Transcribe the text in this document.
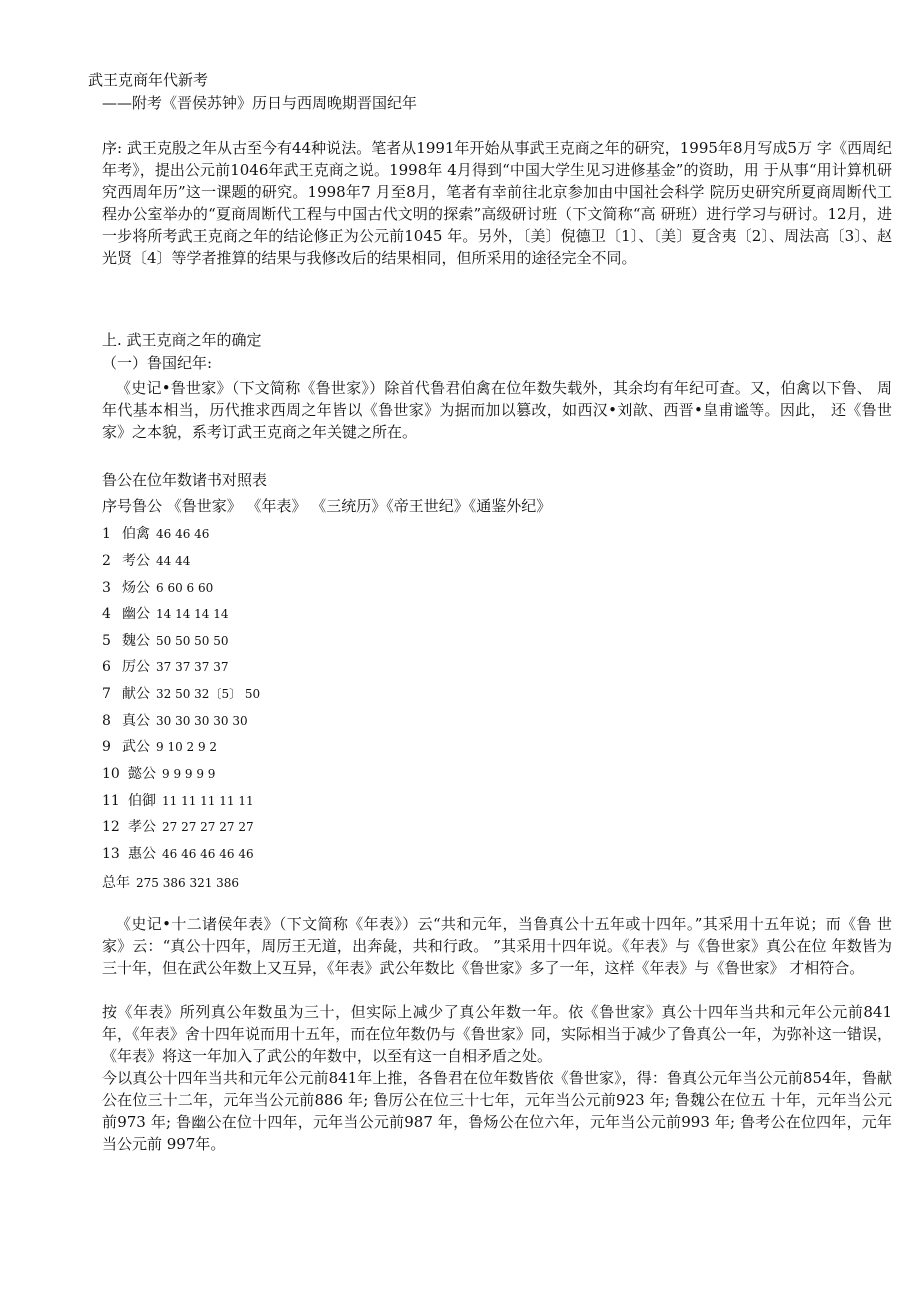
武王克商年代新考
——附考《晋侯苏钟》历日与西周晚期晋国纪年
序: 武王克殷之年从古至今有44种说法。笔者从1991年开始从事武王克商之年的研究，1995年8月写成5万 字《西周纪年考》，提出公元前1046年武王克商之说。1998年 4月得到“中国大学生见习进修基金”的资助，用 于从事“用计算机研究西周年历”这一课题的研究。1998年7 月至8月，笔者有幸前往北京参加由中国社会科学 院历史研究所夏商周断代工程办公室举办的“夏商周断代工程与中国古代文明的探索”高级研讨班（下文简称“高 研班）进行学习与研讨。12月，进一步将所考武王克商之年的结论修正为公元前1045 年。另外，〔美〕倪德卫〔1〕、〔美〕夏含夷〔2〕、周法高〔3〕、赵光贤〔4〕等学者推算的结果与我修改后的结果相同，但所采用的途径完全不同。
上. 武王克商之年的确定
（一）鲁国纪年:
《史记•鲁世家》（下文简称《鲁世家》）除首代鲁君伯禽在位年数失载外，其余均有年纪可查。又，伯禽以下鲁、 周年代基本相当，历代推求西周之年皆以《鲁世家》为据而加以篡改，如西汉•刘歆、西晋•皇甫谧等。因此， 还《鲁世家》之本貌，系考订武王克商之年关键之所在。
鲁公在位年数诸书对照表
序号鲁公 《鲁世家》 《年表》 《三统历》《帝王世纪》《通鉴外纪》
1 伯禽 46 46 46
2 考公 44 44
3 炀公 6 60 6 60
4 幽公 14 14 14 14
5 魏公 50 50 50 50
6 厉公 37 37 37 37
7 献公 32 50 32〔5〕 50
8 真公 30 30 30 30 30
9 武公 9 10 2 9 2
10 懿公 9 9 9 9 9
11 伯御 11 11 11 11 11
12 孝公 27 27 27 27 27
13 惠公 46 46 46 46 46
总年 275 386 321 386
《史记•十二诸侯年表》（下文简称《年表》）云“共和元年，当鲁真公十五年或十四年。”其采用十五年说；而《鲁 世家》云：“真公十四年，周厉王无道，出奔彘，共和行政。 ”其采用十四年说。《年表》与《鲁世家》真公在位 年数皆为三十年，但在武公年数上又互异，《年表》武公年数比《鲁世家》多了一年，这样《年表》与《鲁世家》 才相符合。
按《年表》所列真公年数虽为三十，但实际上减少了真公年数一年。依《鲁世家》真公十四年当共和元年公元前841年，《年表》舍十四年说而用十五年，而在位年数仍与《鲁世家》同，实际相当于减少了鲁真公一年，为弥补这一错误，《年表》将这一年加入了武公的年数中，以至有这一自相矛盾之处。
今以真公十四年当共和元年公元前841年上推，各鲁君在位年数皆依《鲁世家》，得：鲁真公元年当公元前854年，鲁献公在位三十二年，元年当公元前886 年; 鲁厉公在位三十七年，元年当公元前923 年; 鲁魏公在位五 十年，元年当公元前973 年; 鲁幽公在位十四年，元年当公元前987 年，鲁炀公在位六年，元年当公元前993 年; 鲁考公在位四年，元年当公元前 997年。
